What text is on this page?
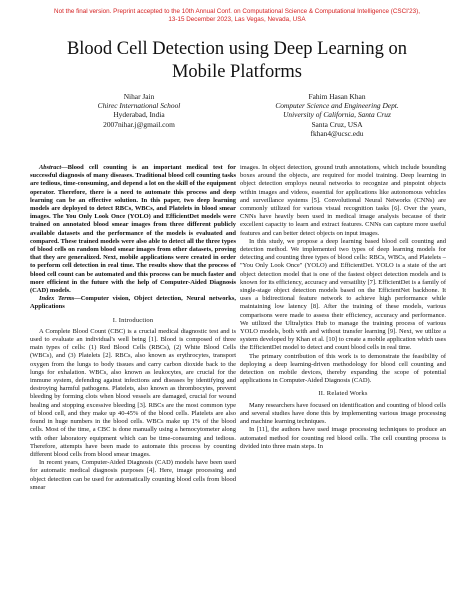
Not the final version. Preprint accepted to the 10th Annual Conf. on Computational Science & Computational Intelligence (CSCI'23),
13-15 December 2023, Las Vegas, Nevada, USA
Blood Cell Detection using Deep Learning on
Mobile Platforms
Nihar Jain
Chirec International School
Hyderabad, India
2007nihar.j@gmail.com
Fahim Hasan Khan
Computer Science and Engineering Dept.
University of California, Santa Cruz
Santa Cruz, USA
fkhan4@ucsc.edu

Abstract—Blood cell counting is an important medical test for successful diagnosis of many diseases. Traditional blood cell counting tasks are tedious, time-consuming, and depend a lot on the skill of the equipment operator. Therefore, there is a need to automate this process and deep learning can be an effective solution. In this paper, two deep learning models are deployed to detect RBCs, WBCs, and Platelets in blood smear images. The You Only Look Once (YOLO) and EfficientDet models were trained on annotated blood smear images from three different publicly available datasets and the performance of the models is evaluated and compared. These trained models were also able to detect all the three types of blood cells on random blood smear images from other datasets, proving that they are generalized. Next, mobile applications were created in order to perform cell detection in real time. The results show that the process of blood cell count can be automated and this process can be much faster and more efficient in the future with the help of Computer-Aided Diagnosis (CAD) models.

Index Terms—Computer vision, Object detection, Neural networks, Applications

I. Introduction

A Complete Blood Count (CBC) is a crucial medical diagnostic test and is used to evaluate an individual's well being [1]. Blood is composed of three main types of cells: (1) Red Blood Cells (RBCs), (2) White Blood Cells (WBCs), and (3) Platelets [2]. RBCs, also known as erythrocytes, transport oxygen from the lungs to body tissues and carry carbon dioxide back to the lungs for exhalation. WBCs, also known as leukocytes, are crucial for the immune system, defending against infections and diseases by identifying and destroying harmful pathogens. Platelets, also known as thrombocytes, prevent bleeding by forming clots when blood vessels are damaged, crucial for wound healing and stopping excessive bleeding [3]. RBCs are the most common type of blood cell, and they make up 40-45% of the blood cells. Platelets are also found in huge numbers in the blood cells. WBCs make up 1% of the blood cells. Most of the time, a CBC is done manually using a hemocytometer along with other laboratory equipment which can be time-consuming and tedious. Therefore, attempts have been made to automate this process by counting different blood cells from blood smear images.

In recent years, Computer-Aided Diagnosis (CAD) models have been used for automatic medical diagnosis purposes [4]. Here, image processing and object detection can be used for automatically counting blood cells from blood smear

images. In object detection, ground truth annotations, which include bounding boxes around the objects, are required for model training. Deep learning in object detection employs neural networks to recognize and pinpoint objects within images and videos, essential for applications like autonomous vehicles and surveillance systems [5]. Convolutional Neural Networks (CNNs) are commonly utilized for various visual recognition tasks [6]. Over the years, CNNs have heavily been used in medical image analysis because of their excellent capacity to learn and extract features. CNNs can capture more useful features and can better detect objects on input images.

In this study, we propose a deep learning based blood cell counting and detection method. We implemented two types of deep learning models for detecting and counting three types of blood cells: RBCs, WBCs, and Platelets – "You Only Look Once" (YOLO) and EfficientDet. YOLO is a state of the art object detection model that is one of the fastest object detection models and is known for its efficiency, accuracy and versatility [7]. EfficientDet is a family of single-stage object detection models based on the EfficientNet backbone. It uses a bidirectional feature network to achieve high performance while maintaining low latency [8]. After the training of these models, various comparisons were made to assess their efficiency, accuracy and performance. We utilized the Ultralytics Hub to manage the training process of various YOLO models, both with and without transfer learning [9]. Next, we utilize a system developed by Khan et al. [10] to create a mobile application which uses the EfficientDet model to detect and count blood cells in real time.

The primary contribution of this work is to demonstrate the feasibility of deploying a deep learning-driven methodology for blood cell counting and detection on mobile devices, thereby expanding the scope of potential applications in Computer-Aided Diagnosis (CAD).

II. Related Works

Many researchers have focused on identification and counting of blood cells and several studies have done this by implementing various image processing and machine learning techniques.

In [11], the authors have used image processing techniques to produce an automated method for counting red blood cells. The cell counting process is divided into three main steps. In
